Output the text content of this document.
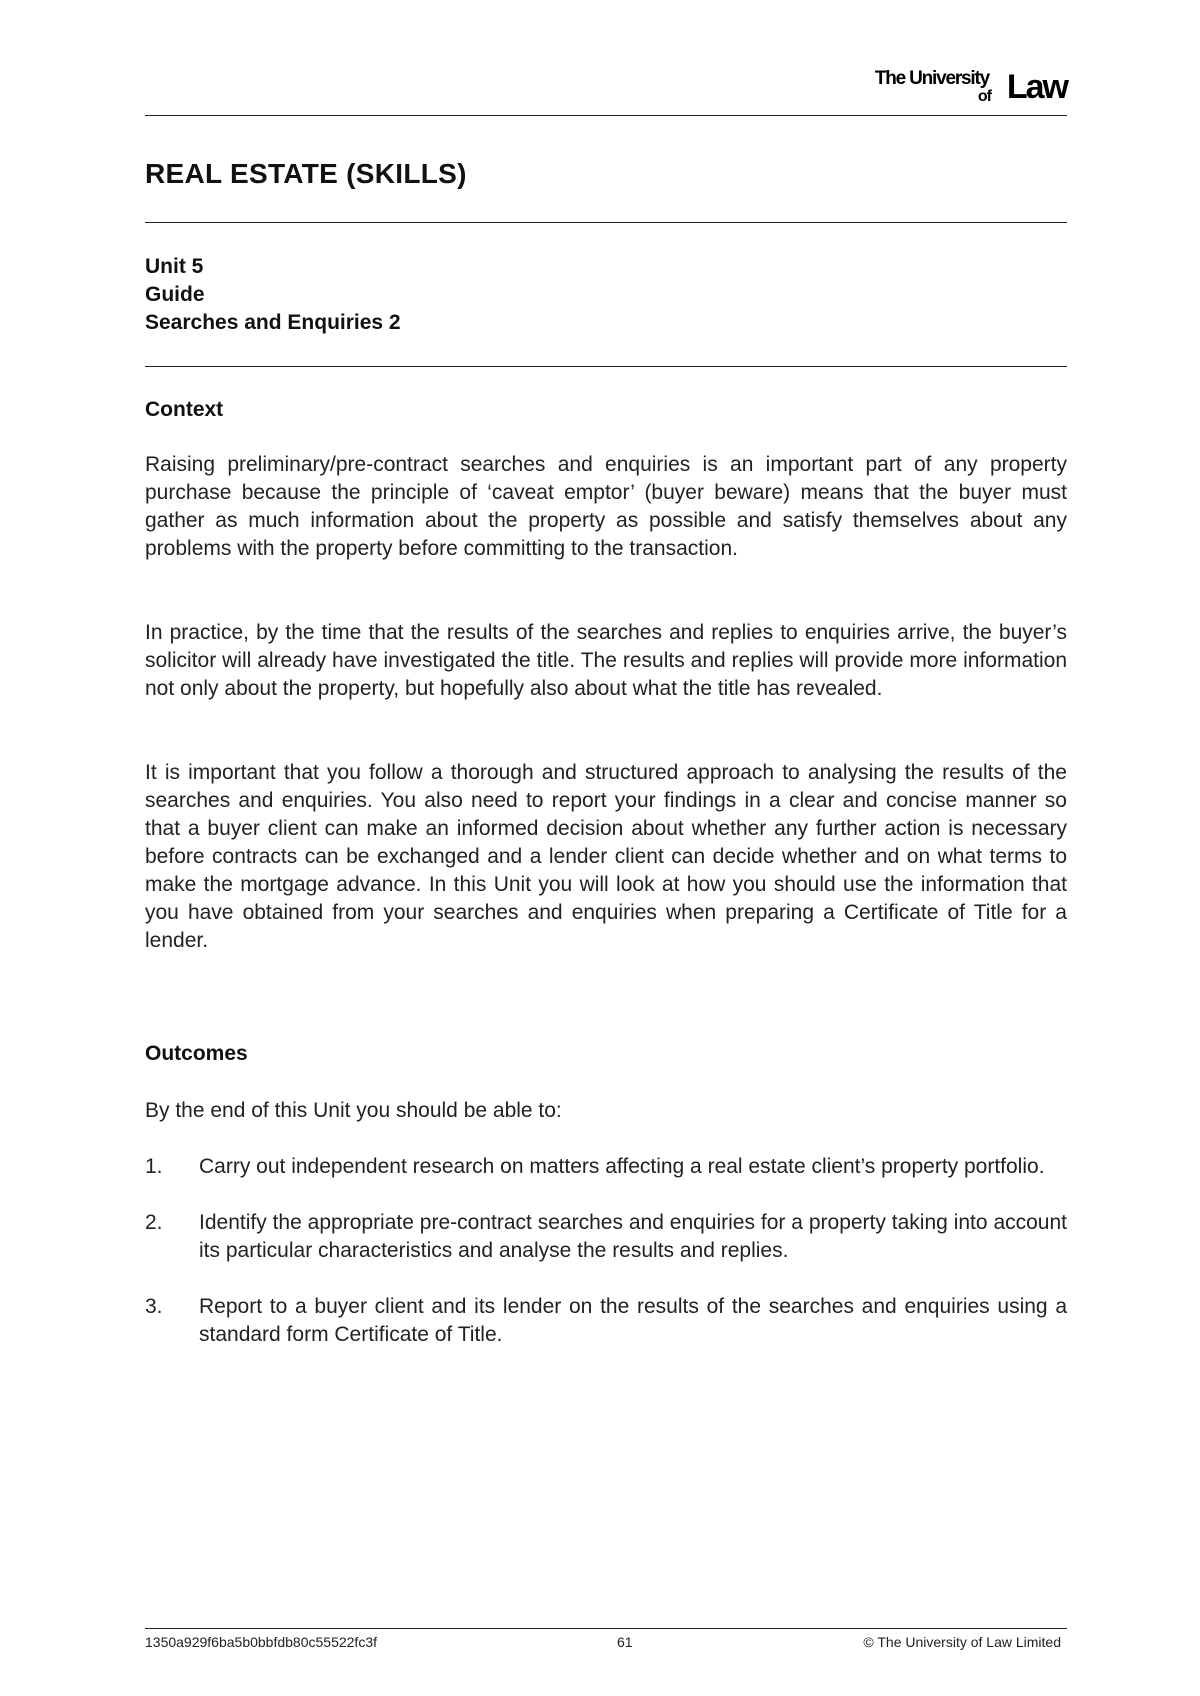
The University
of Law
REAL ESTATE (SKILLS)
Unit 5
Guide
Searches and Enquiries 2
Context

Raising preliminary/pre-contract searches and enquiries is an important part of any property purchase because the principle of ‘caveat emptor’ (buyer beware) means that the buyer must gather as much information about the property as possible and satisfy themselves about any problems with the property before committing to the transaction.

In practice, by the time that the results of the searches and replies to enquiries arrive, the buyer’s solicitor will already have investigated the title. The results and replies will provide more information not only about the property, but hopefully also about what the title has revealed.

It is important that you follow a thorough and structured approach to analysing the results of the searches and enquiries. You also need to report your findings in a clear and concise manner so that a buyer client can make an informed decision about whether any further action is necessary before contracts can be exchanged and a lender client can decide whether and on what terms to make the mortgage advance. In this Unit you will look at how you should use the information that you have obtained from your searches and enquiries when preparing a Certificate of Title for a lender.

Outcomes

By the end of this Unit you should be able to:

1. Carry out independent research on matters affecting a real estate client’s property portfolio.
2. Identify the appropriate pre-contract searches and enquiries for a property taking into account its particular characteristics and analyse the results and replies.
3. Report to a buyer client and its lender on the results of the searches and enquiries using a standard form Certificate of Title.
1350a929f6ba5b0bbfdb80c55522fc3f	61	© The University of Law Limited
